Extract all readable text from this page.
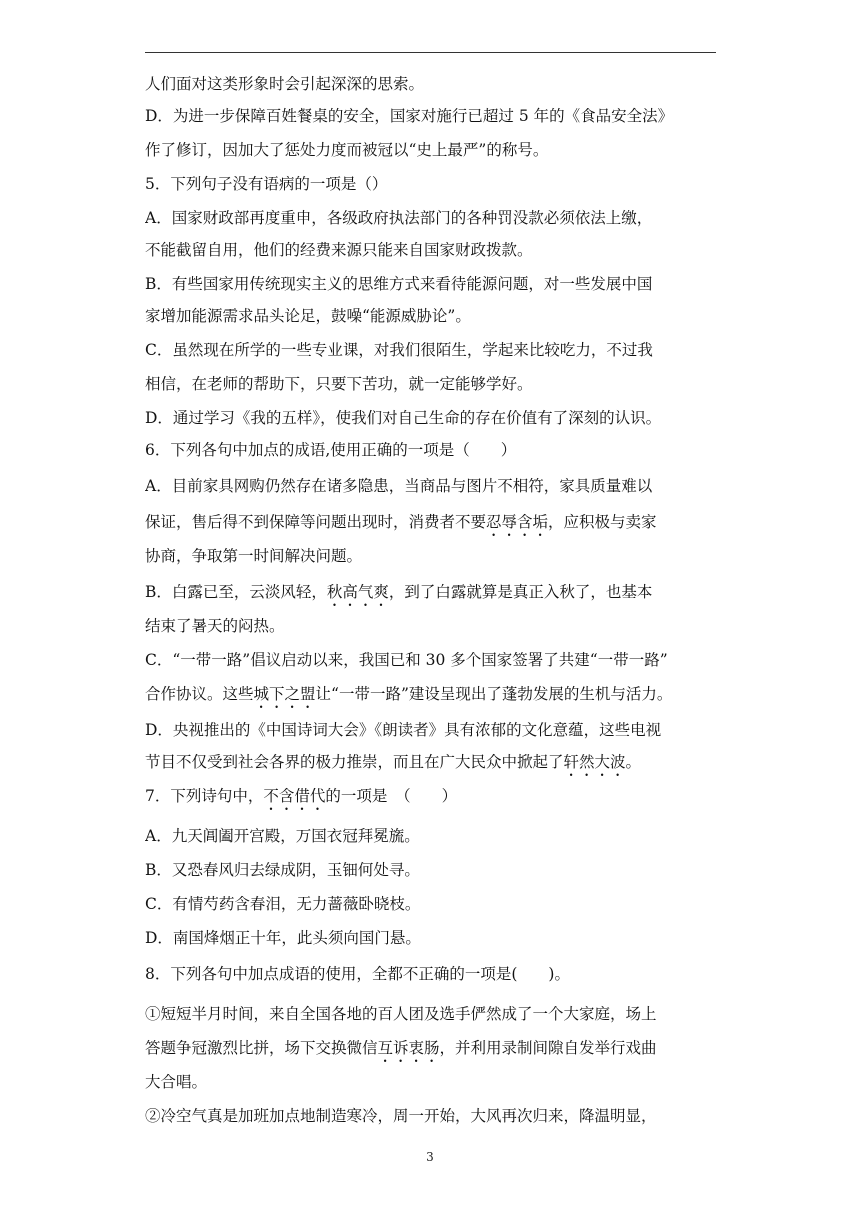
人们面对这类形象时会引起深深的思索。
D．为进一步保障百姓餐桌的安全，国家对施行已超过 5 年的《食品安全法》
作了修订，因加大了惩处力度而被冠以“史上最严”的称号。
5．下列句子没有语病的一项是（）
A．国家财政部再度重申，各级政府执法部门的各种罚没款必须依法上缴，
不能截留自用，他们的经费来源只能来自国家财政拨款。
B．有些国家用传统现实主义的思维方式来看待能源问题，对一些发展中国
家增加能源需求品头论足，鼓噪“能源威胁论”。
C．虽然现在所学的一些专业课，对我们很陌生，学起来比较吃力，不过我
相信，在老师的帮助下，只要下苦功，就一定能够学好。
D．通过学习《我的五样》，使我们对自己生命的存在价值有了深刻的认识。
6．下列各句中加点的成语,使用正确的一项是（　　）
A．目前家具网购仍然存在诸多隐患，当商品与图片不相符，家具质量难以
保证，售后得不到保障等问题出现时，消费者不要忍辱含垢，应积极与卖家
协商，争取第一时间解决问题。
B．白露已至，云淡风轻，秋高气爽，到了白露就算是真正入秋了，也基本
结束了暑天的闷热。
C．“一带一路”倡议启动以来，我国已和 30 多个国家签署了共建“一带一路”
合作协议。这些城下之盟让“一带一路”建设呈现出了蓬勃发展的生机与活力。
D．央视推出的《中国诗词大会》《朗读者》具有浓郁的文化意蕴，这些电视
节目不仅受到社会各界的极力推崇，而且在广大民众中掀起了轩然大波。
7．下列诗句中，不含借代的一项是　（　　）
A．九天阊阖开宫殿，万国衣冠拜冕旒。
B．又恐春风归去绿成阴，玉钿何处寻。
C．有情芍药含春泪，无力蔷薇卧晓枝。
D．南国烽烟正十年，此头须向国门悬。
8．下列各句中加点成语的使用，全都不正确的一项是(　　)。
①短短半月时间，来自全国各地的百人团及选手俨然成了一个大家庭，场上
答题争冠激烈比拼，场下交换微信互诉衷肠，并利用录制间隙自发举行戏曲
大合唱。
②冷空气真是加班加点地制造寒冷，周一开始，大风再次归来，降温明显，
3
